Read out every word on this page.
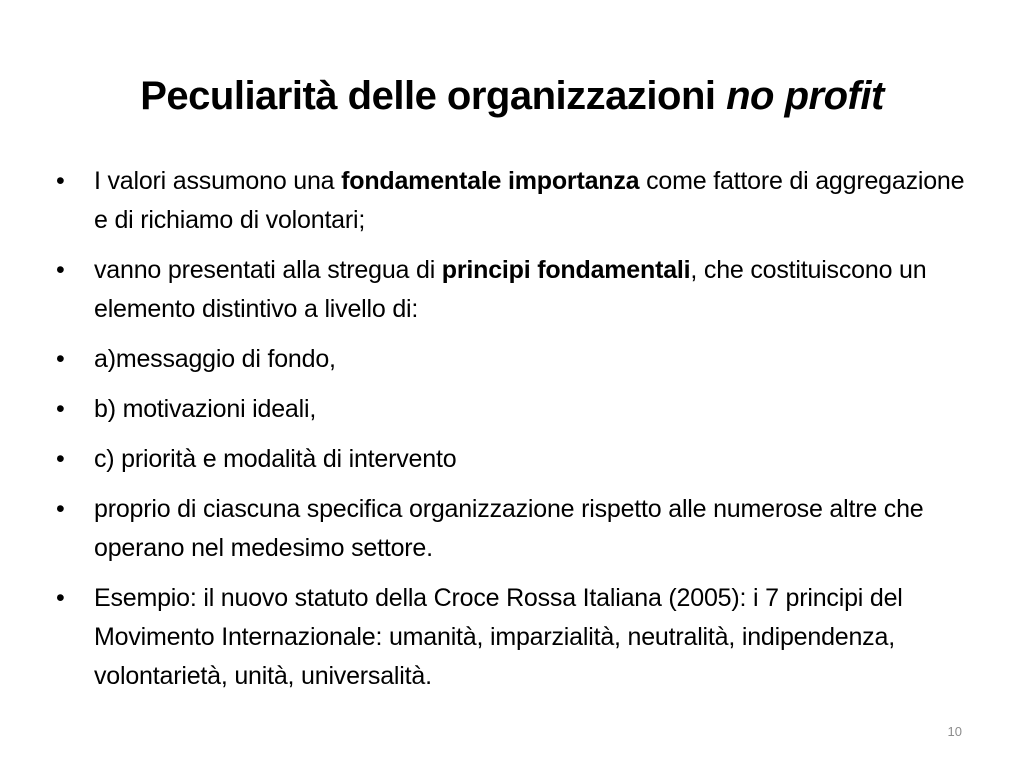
Peculiarità delle organizzazioni no profit
• I valori assumono una fondamentale importanza come fattore di aggregazione e di richiamo di volontari;
• vanno presentati alla stregua di principi fondamentali, che costituiscono un elemento distintivo a livello di:
• a)messaggio di fondo,
• b) motivazioni ideali,
• c) priorità e modalità di intervento
• proprio di ciascuna specifica organizzazione rispetto alle numerose altre che operano nel medesimo settore.
• Esempio: il nuovo statuto della Croce Rossa Italiana (2005): i 7 principi del Movimento Internazionale: umanità, imparzialità, neutralità, indipendenza, volontarietà, unità, universalità.
10
